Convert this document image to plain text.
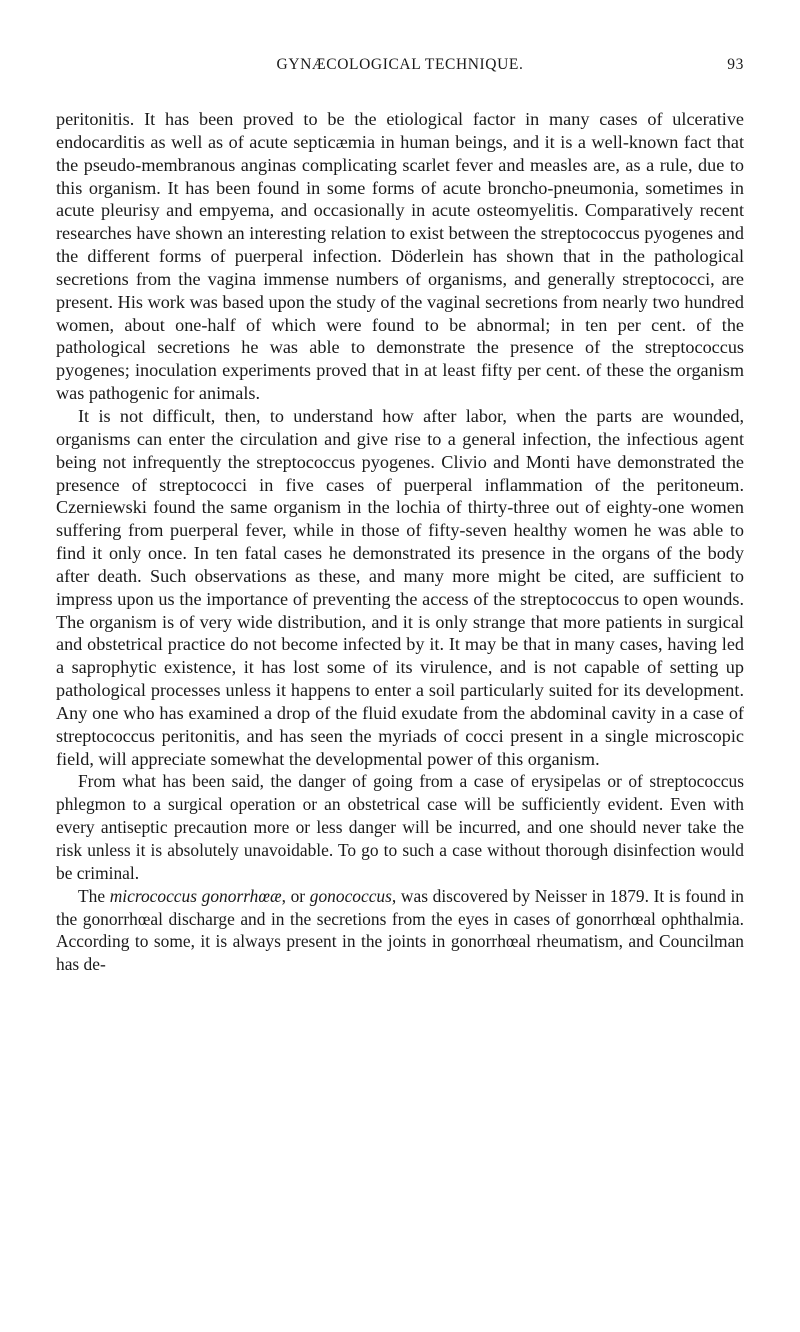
GYNÆCOLOGICAL TECHNIQUE.	93

peritonitis. It has been proved to be the etiological factor in many cases of ulcerative endocarditis as well as of acute septicæmia in human beings, and it is a well-known fact that the pseudo-membranous anginas complicating scarlet fever and measles are, as a rule, due to this organism. It has been found in some forms of acute broncho-pneumonia, sometimes in acute pleurisy and empyema, and occasionally in acute osteomyelitis. Comparatively recent researches have shown an interesting relation to exist between the streptococcus pyogenes and the different forms of puerperal infection. Döderlein has shown that in the pathological secretions from the vagina immense numbers of organisms, and generally streptococci, are present. His work was based upon the study of the vaginal secretions from nearly two hundred women, about one-half of which were found to be abnormal; in ten per cent. of the pathological secretions he was able to demonstrate the presence of the streptococcus pyogenes; inoculation experiments proved that in at least fifty per cent. of these the organism was pathogenic for animals.

It is not difficult, then, to understand how after labor, when the parts are wounded, organisms can enter the circulation and give rise to a general infection, the infectious agent being not infrequently the streptococcus pyogenes. Clivio and Monti have demonstrated the presence of streptococci in five cases of puerperal inflammation of the peritoneum. Czerniewski found the same organism in the lochia of thirty-three out of eighty-one women suffering from puerperal fever, while in those of fifty-seven healthy women he was able to find it only once. In ten fatal cases he demonstrated its presence in the organs of the body after death. Such observations as these, and many more might be cited, are sufficient to impress upon us the importance of preventing the access of the streptococcus to open wounds. The organism is of very wide distribution, and it is only strange that more patients in surgical and obstetrical practice do not become infected by it. It may be that in many cases, having led a saprophytic existence, it has lost some of its virulence, and is not capable of setting up pathological processes unless it happens to enter a soil particularly suited for its development. Any one who has examined a drop of the fluid exudate from the abdominal cavity in a case of streptococcus peritonitis, and has seen the myriads of cocci present in a single microscopic field, will appreciate somewhat the developmental power of this organism.

From what has been said, the danger of going from a case of erysipelas or of streptococcus phlegmon to a surgical operation or an obstetrical case will be sufficiently evident. Even with every antiseptic precaution more or less danger will be incurred, and one should never take the risk unless it is absolutely unavoidable. To go to such a case without thorough disinfection would be criminal.

The micrococcus gonorrhœæ, or gonococcus, was discovered by Neisser in 1879. It is found in the gonorrhœal discharge and in the secretions from the eyes in cases of gonorrhœal ophthalmia. According to some, it is always present in the joints in gonorrhœal rheumatism, and Councilman has de-
